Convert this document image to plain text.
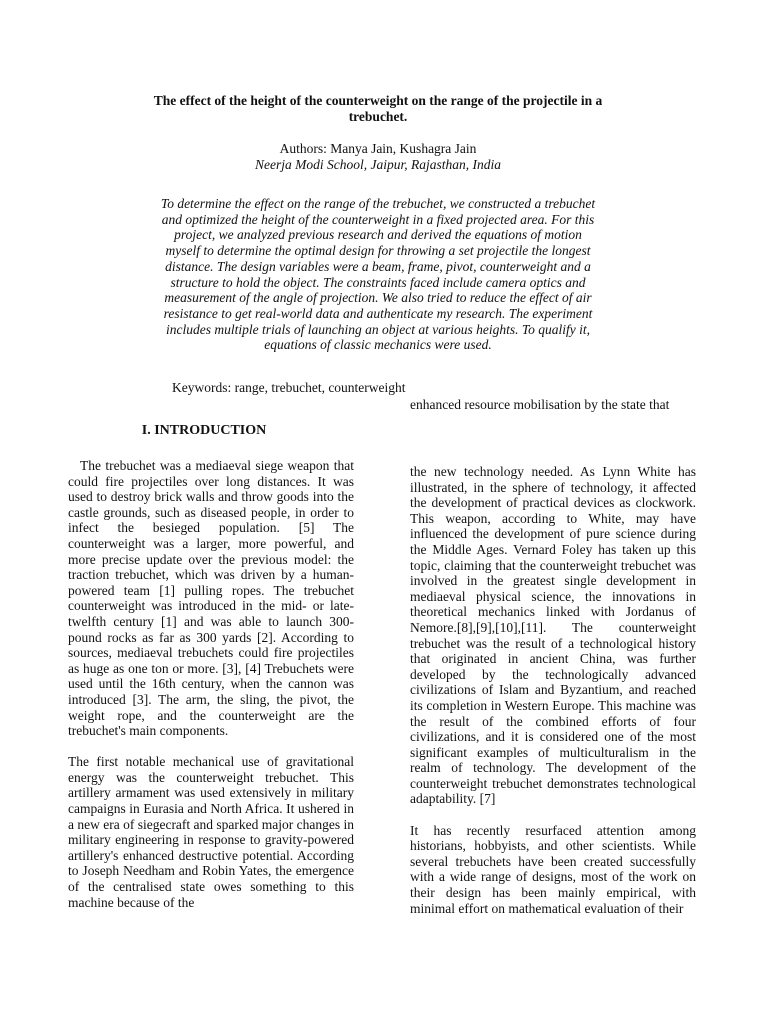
The effect of the height of the counterweight on the range of the projectile in a trebuchet.
Authors: Manya Jain, Kushagra Jain
Neerja Modi School, Jaipur, Rajasthan, India
To determine the effect on the range of the trebuchet, we constructed a trebuchet and optimized the height of the counterweight in a fixed projected area. For this project, we analyzed previous research and derived the equations of motion myself to determine the optimal design for throwing a set projectile the longest distance. The design variables were a beam, frame, pivot, counterweight and a structure to hold the object. The constraints faced include camera optics and measurement of the angle of projection. We also tried to reduce the effect of air resistance to get real-world data and authenticate my research. The experiment includes multiple trials of launching an object at various heights. To qualify it, equations of classic mechanics were used.
Keywords: range, trebuchet, counterweight
enhanced resource mobilisation by the state that
I. INTRODUCTION

The trebuchet was a mediaeval siege weapon that could fire projectiles over long distances. It was used to destroy brick walls and throw goods into the castle grounds, such as diseased people, in order to infect the besieged population. [5] The counterweight was a larger, more powerful, and more precise update over the previous model: the traction trebuchet, which was driven by a human-powered team [1] pulling ropes. The trebuchet counterweight was introduced in the mid- or late-twelfth century [1] and was able to launch 300-pound rocks as far as 300 yards [2]. According to sources, mediaeval trebuchets could fire projectiles as huge as one ton or more. [3], [4] Trebuchets were used until the 16th century, when the cannon was introduced [3]. The arm, the sling, the pivot, the weight rope, and the counterweight are the trebuchet's main components.

The first notable mechanical use of gravitational energy was the counterweight trebuchet. This artillery armament was used extensively in military campaigns in Eurasia and North Africa. It ushered in a new era of siegecraft and sparked major changes in military engineering in response to gravity-powered artillery's enhanced destructive potential. According to Joseph Needham and Robin Yates, the emergence of the centralised state owes something to this machine because of the

the new technology needed. As Lynn White has illustrated, in the sphere of technology, it affected the development of practical devices as clockwork. This weapon, according to White, may have influenced the development of pure science during the Middle Ages. Vernard Foley has taken up this topic, claiming that the counterweight trebuchet was involved in the greatest single development in mediaeval physical science, the innovations in theoretical mechanics linked with Jordanus of Nemore.[8],[9],[10],[11]. The counterweight trebuchet was the result of a technological history that originated in ancient China, was further developed by the technologically advanced civilizations of Islam and Byzantium, and reached its completion in Western Europe. This machine was the result of the combined efforts of four civilizations, and it is considered one of the most significant examples of multiculturalism in the realm of technology. The development of the counterweight trebuchet demonstrates technological adaptability. [7]

It has recently resurfaced attention among historians, hobbyists, and other scientists. While several trebuchets have been created successfully with a wide range of designs, most of the work on their design has been mainly empirical, with minimal effort on mathematical evaluation of their
